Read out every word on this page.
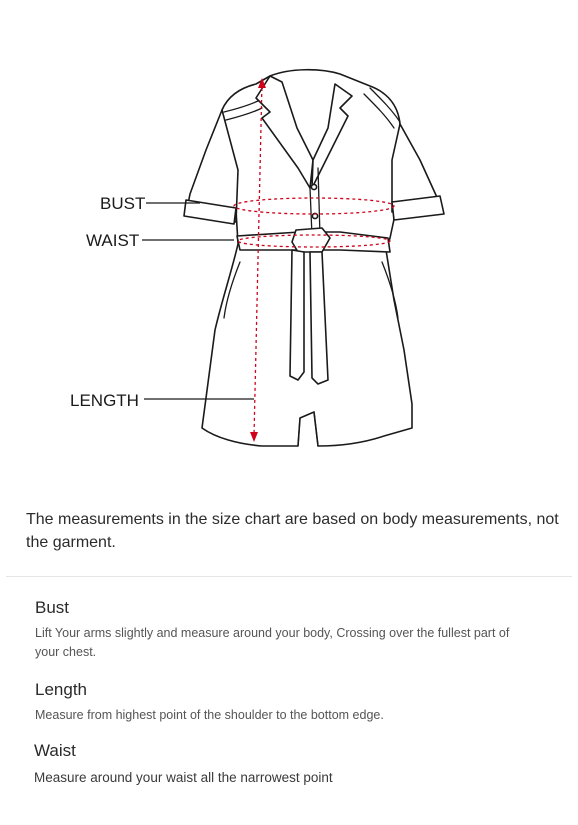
BUST
WAIST
LENGTH

The measurements in the size chart are based on body measurements, not the garment.

Bust

Lift Your arms slightly and measure around your body, Crossing over the fullest part of your chest.

Length

Measure from highest point of the shoulder to the bottom edge.

Waist

Measure around your waist all the narrowest point
